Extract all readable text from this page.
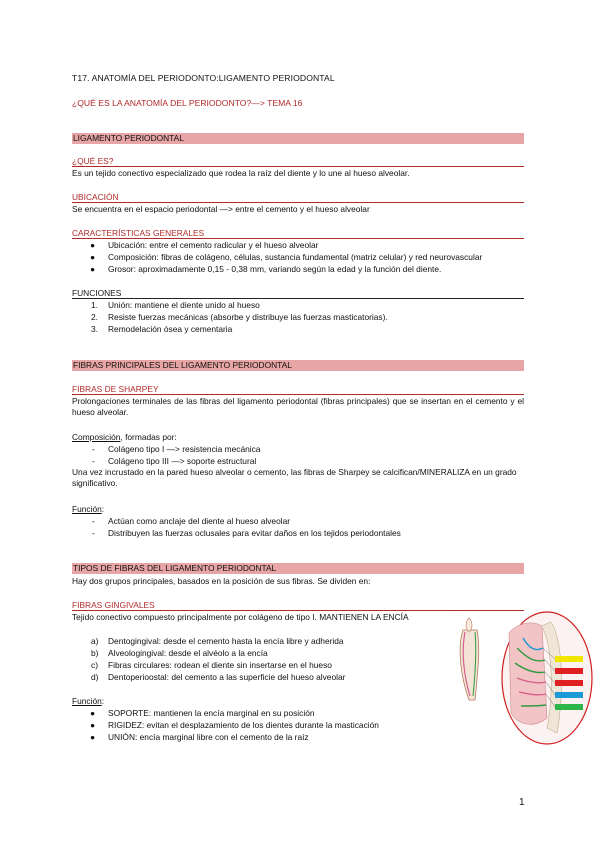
T17. ANATOMÍA DEL PERIODONTO:LIGAMENTO PERIODONTAL
¿QUÉ ES LA ANATOMÍA DEL PERIODONTO?—> TEMA 16
LIGAMENTO PERIODONTAL
¿QUÉ ES?
Es un tejido conectivo especializado que rodea la raíz del diente y lo une al hueso alveolar.
UBICACIÓN
Se encuentra en el espacio periodontal —> entre el cemento y el hueso alveolar
CARACTERÍSTICAS GENERALES
● Ubicación: entre el cemento radicular y el hueso alveolar
● Composición: fibras de colágeno, células, sustancia fundamental (matriz celular) y red neurovascular
● Grosor: aproximadamente 0,15 - 0,38 mm, variando según la edad y la función del diente.
FUNCIONES
1. Unión: mantiene el diente unido al hueso
2. Resiste fuerzas mecánicas (absorbe y distribuye las fuerzas masticatorias).
3. Remodelación ósea y cementaria
FIBRAS PRINCIPALES DEL LIGAMENTO PERIODONTAL
FIBRAS DE SHARPEY
Prolongaciones terminales de las fibras del ligamento periodontal (fibras principales) que se insertan en el cemento y el hueso alveolar.
Composición, formadas por:
- Colágeno tipo I —> resistencia mecánica
- Colágeno tipo III —> soporte estructural
Una vez incrustado en la pared hueso alveolar o cemento, las fibras de Sharpey se calcifican/MINERALIZA en un grado significativo.
Función:
- Actúan como anclaje del diente al hueso alveolar
- Distribuyen las fuerzas oclusales para evitar daños en los tejidos periodontales
TIPOS DE FIBRAS DEL LIGAMENTO PERIODONTAL
Hay dos grupos principales, basados en la posición de sus fibras. Se dividen en:
FIBRAS GINGIVALES
Tejido conectivo compuesto principalmente por colágeno de tipo I. MANTIENEN LA ENCÍA
a) Dentogingival: desde el cemento hasta la encía libre y adherida
b) Alveologingival: desde el alvéolo a la encía
c) Fibras circulares: rodean el diente sin insertarse en el hueso
d) Dentoperioostal: del cemento a las superficie del hueso alveolar
Función:
● SOPORTE: mantienen la encía marginal en su posición
● RIGIDEZ: evitan el desplazamiento de los dientes durante la masticación
● UNIÓN: encía marginal libre con el cemento de la raíz
· · ·
1
